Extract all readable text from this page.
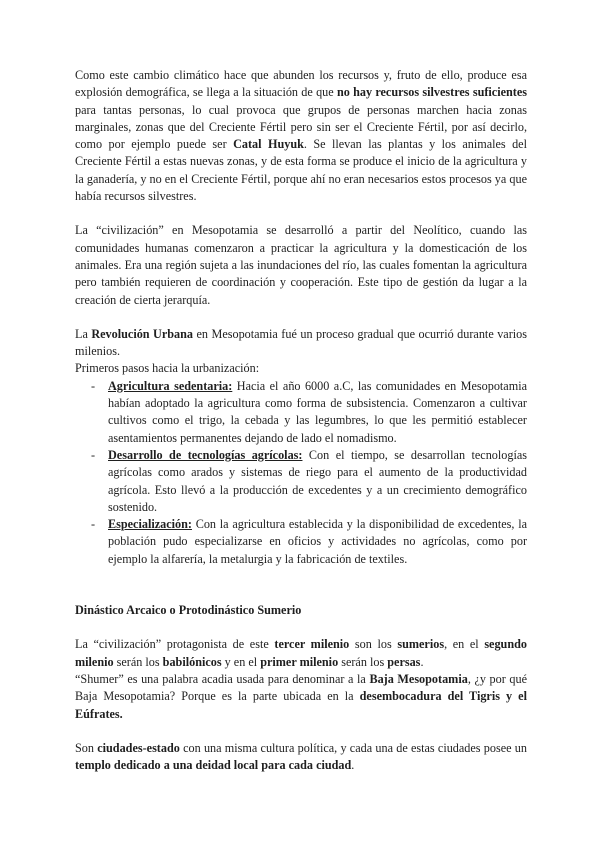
Como este cambio climático hace que abunden los recursos y, fruto de ello, produce esa explosión demográfica, se llega a la situación de que no hay recursos silvestres suficientes para tantas personas, lo cual provoca que grupos de personas marchen hacia zonas marginales, zonas que del Creciente Fértil pero sin ser el Creciente Fértil, por así decirlo, como por ejemplo puede ser Catal Huyuk. Se llevan las plantas y los animales del Creciente Fértil a estas nuevas zonas, y de esta forma se produce el inicio de la agricultura y la ganadería, y no en el Creciente Fértil, porque ahí no eran necesarios estos procesos ya que había recursos silvestres.

La “civilización” en Mesopotamia se desarrolló a partir del Neolítico, cuando las comunidades humanas comenzaron a practicar la agricultura y la domesticación de los animales. Era una región sujeta a las inundaciones del río, las cuales fomentan la agricultura pero también requieren de coordinación y cooperación. Este tipo de gestión da lugar a la creación de cierta jerarquía.

La Revolución Urbana en Mesopotamia fué un proceso gradual que ocurrió durante varios milenios.

Primeros pasos hacia la urbanización:

- Agricultura sedentaria: Hacia el año 6000 a.C, las comunidades en Mesopotamia habían adoptado la agricultura como forma de subsistencia. Comenzaron a cultivar cultivos como el trigo, la cebada y las legumbres, lo que les permitió establecer asentamientos permanentes dejando de lado el nomadismo.
- Desarrollo de tecnologías agrícolas: Con el tiempo, se desarrollan tecnologías agrícolas como arados y sistemas de riego para el aumento de la productividad agrícola. Esto llevó a la producción de excedentes y a un crecimiento demográfico sostenido.
- Especialización: Con la agricultura establecida y la disponibilidad de excedentes, la población pudo especializarse en oficios y actividades no agrícolas, como por ejemplo la alfarería, la metalurgia y la fabricación de textiles.

Dinástico Arcaico o Protodinástico Sumerio

La “civilización” protagonista de este tercer milenio son los sumerios, en el segundo milenio serán los babilónicos y en el primer milenio serán los persas.

“Shumer” es una palabra acadia usada para denominar a la Baja Mesopotamia, ¿y por qué Baja Mesopotamia? Porque es la parte ubicada en la desembocadura del Tigris y el Eúfrates.

Son ciudades-estado con una misma cultura política, y cada una de estas ciudades posee un templo dedicado a una deidad local para cada ciudad.
